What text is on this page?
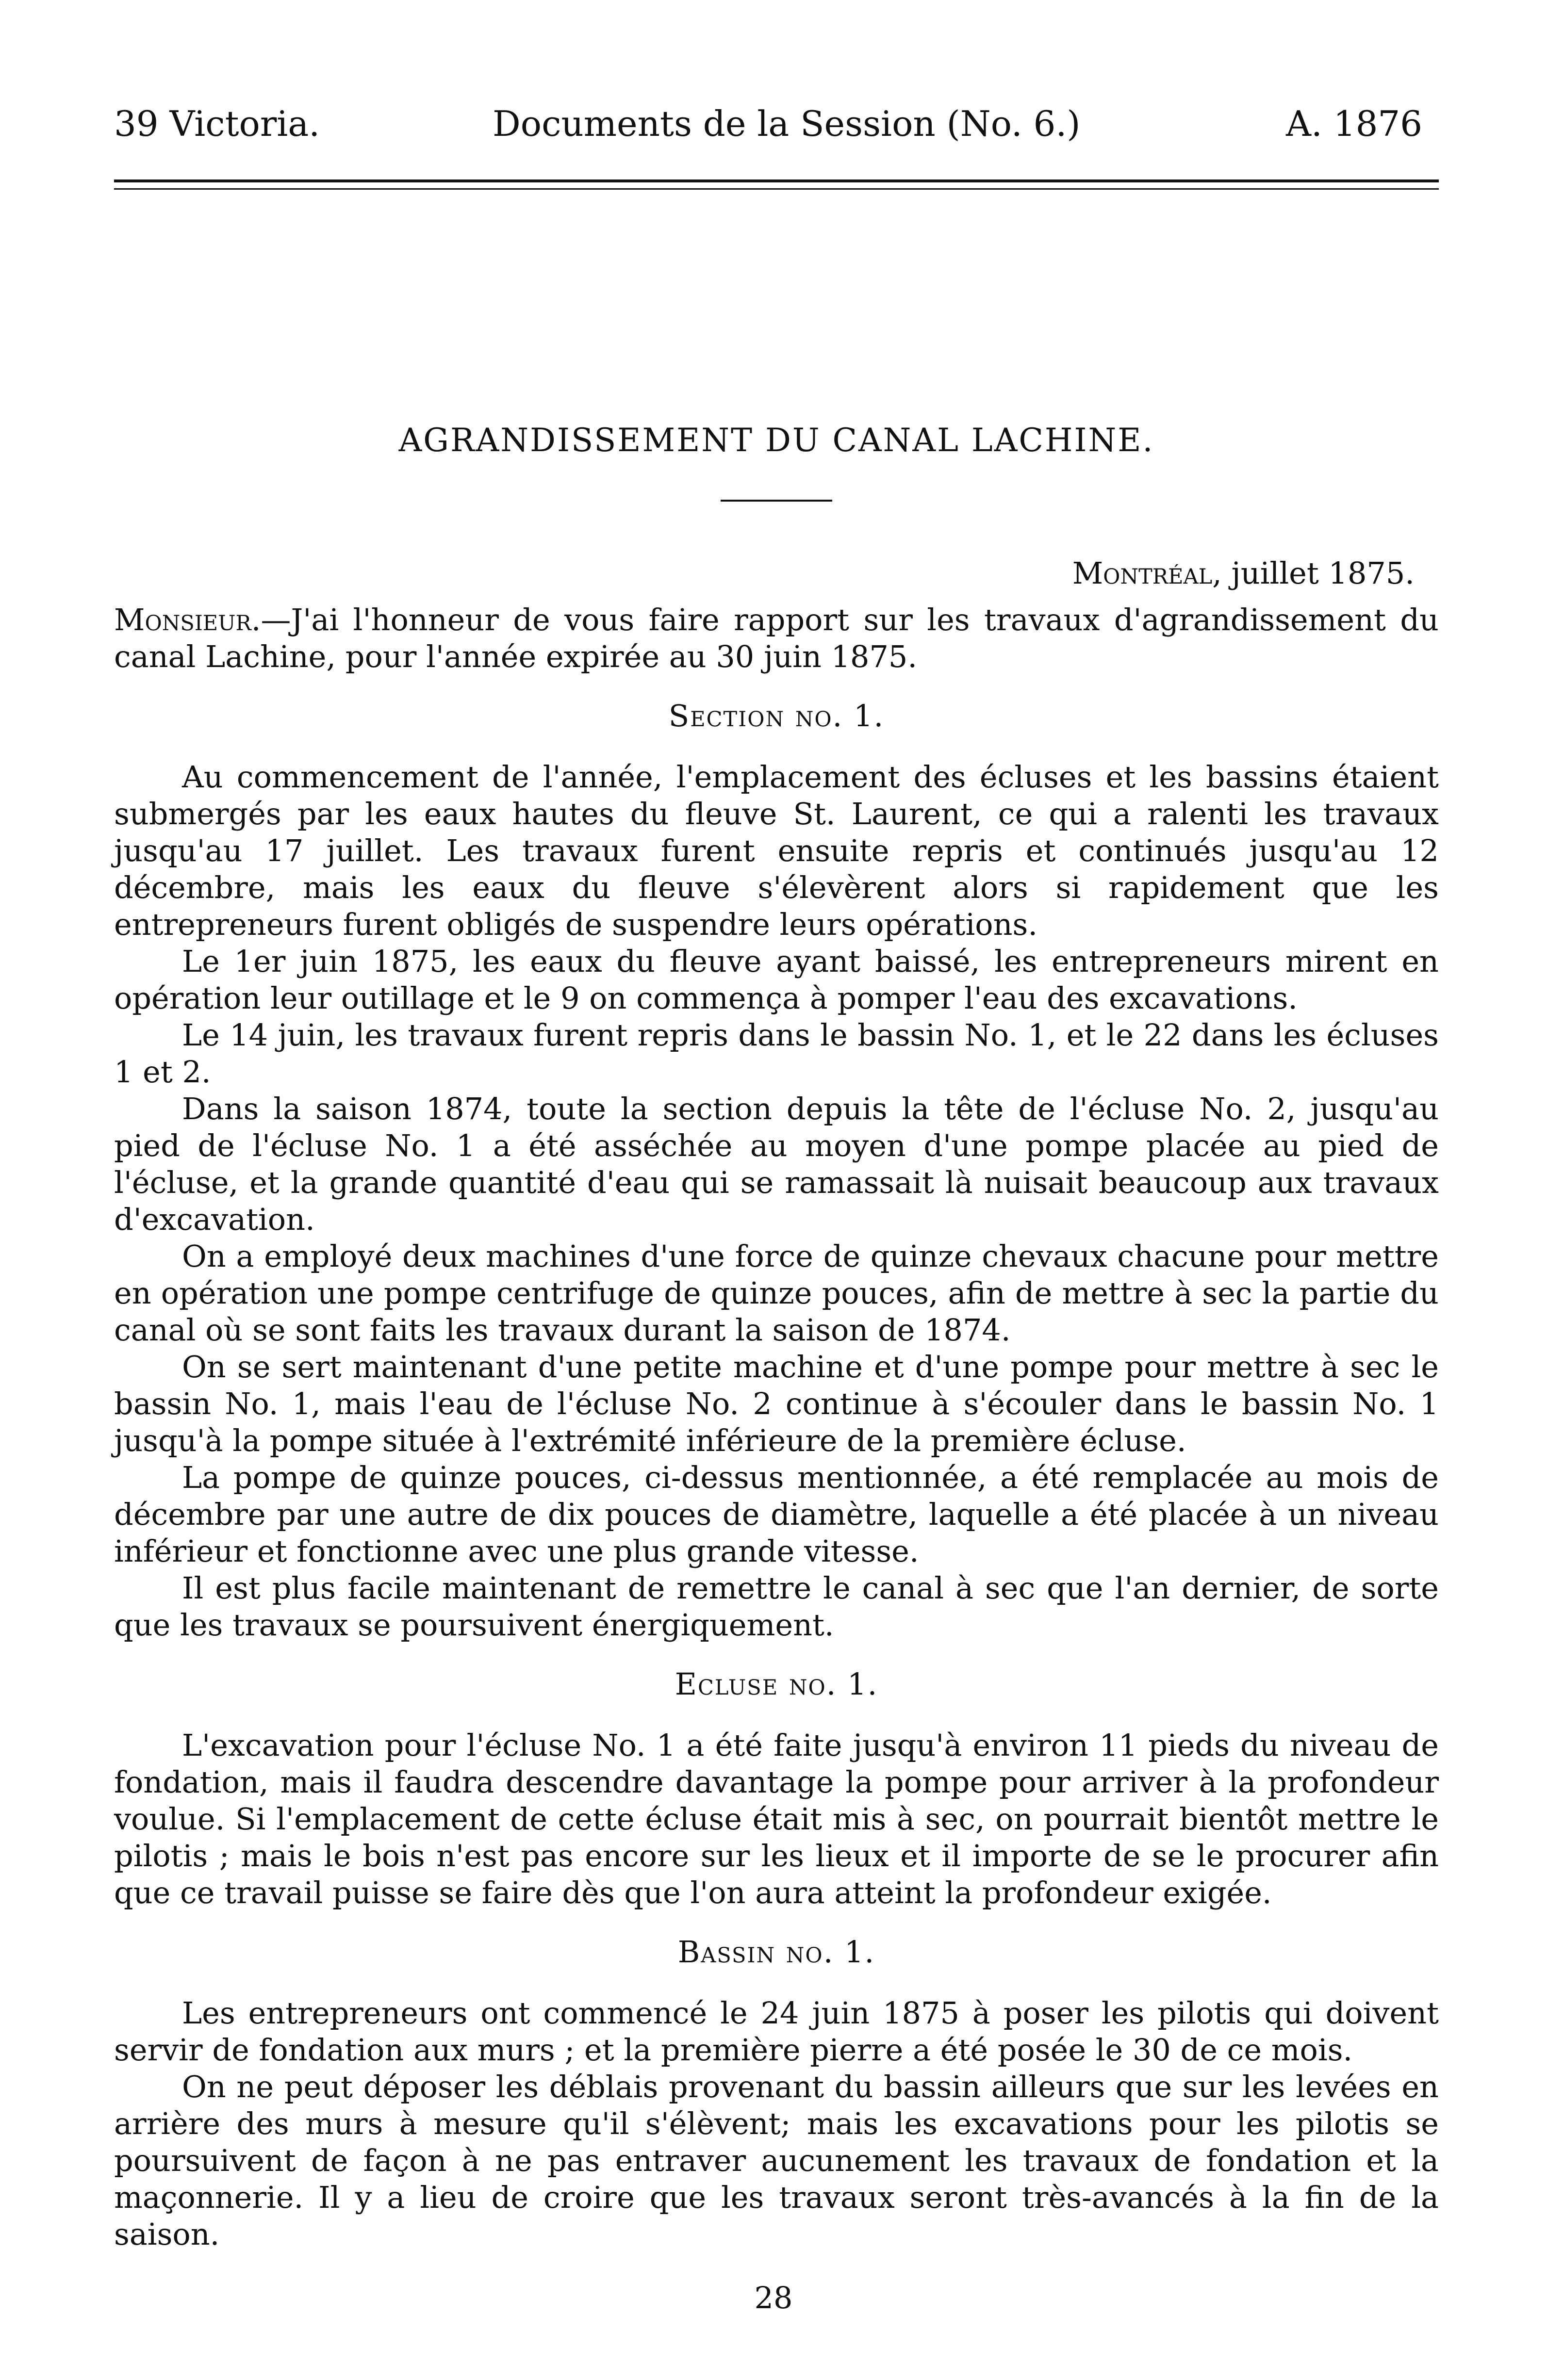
39 Victoria.	Documents de la Session (No. 6.)	A. 1876
AGRANDISSEMENT DU CANAL LACHINE.
Montréal, juillet 1875.

Monsieur.—J'ai l'honneur de vous faire rapport sur les travaux d'agrandissement du canal Lachine, pour l'année expirée au 30 juin 1875.

Section no. 1.

Au commencement de l'année, l'emplacement des écluses et les bassins étaient submergés par les eaux hautes du fleuve St. Laurent, ce qui a ralenti les travaux jusqu'au 17 juillet. Les travaux furent ensuite repris et continués jusqu'au 12 décembre, mais les eaux du fleuve s'élevèrent alors si rapidement que les entrepreneurs furent obligés de suspendre leurs opérations.

Le 1er juin 1875, les eaux du fleuve ayant baissé, les entrepreneurs mirent en opération leur outillage et le 9 on commença à pomper l'eau des excavations.

Le 14 juin, les travaux furent repris dans le bassin No. 1, et le 22 dans les écluses 1 et 2.

Dans la saison 1874, toute la section depuis la tête de l'écluse No. 2, jusqu'au pied de l'écluse No. 1 a été asséchée au moyen d'une pompe placée au pied de l'écluse, et la grande quantité d'eau qui se ramassait là nuisait beaucoup aux travaux d'excavation.

On a employé deux machines d'une force de quinze chevaux chacune pour mettre en opération une pompe centrifuge de quinze pouces, afin de mettre à sec la partie du canal où se sont faits les travaux durant la saison de 1874.

On se sert maintenant d'une petite machine et d'une pompe pour mettre à sec le bassin No. 1, mais l'eau de l'écluse No. 2 continue à s'écouler dans le bassin No. 1 jusqu'à la pompe située à l'extrémité inférieure de la première écluse.

La pompe de quinze pouces, ci-dessus mentionnée, a été remplacée au mois de décembre par une autre de dix pouces de diamètre, laquelle a été placée à un niveau inférieur et fonctionne avec une plus grande vitesse.

Il est plus facile maintenant de remettre le canal à sec que l'an dernier, de sorte que les travaux se poursuivent énergiquement.

Ecluse no. 1.

L'excavation pour l'écluse No. 1 a été faite jusqu'à environ 11 pieds du niveau de fondation, mais il faudra descendre davantage la pompe pour arriver à la profondeur voulue. Si l'emplacement de cette écluse était mis à sec, on pourrait bientôt mettre le pilotis ; mais le bois n'est pas encore sur les lieux et il importe de se le procurer afin que ce travail puisse se faire dès que l'on aura atteint la profondeur exigée.

Bassin no. 1.

Les entrepreneurs ont commencé le 24 juin 1875 à poser les pilotis qui doivent servir de fondation aux murs ; et la première pierre a été posée le 30 de ce mois.

On ne peut déposer les déblais provenant du bassin ailleurs que sur les levées en arrière des murs à mesure qu'il s'élèvent; mais les excavations pour les pilotis se poursuivent de façon à ne pas entraver aucunement les travaux de fondation et la maçonnerie. Il y a lieu de croire que les travaux seront très-avancés à la fin de la saison.

28
